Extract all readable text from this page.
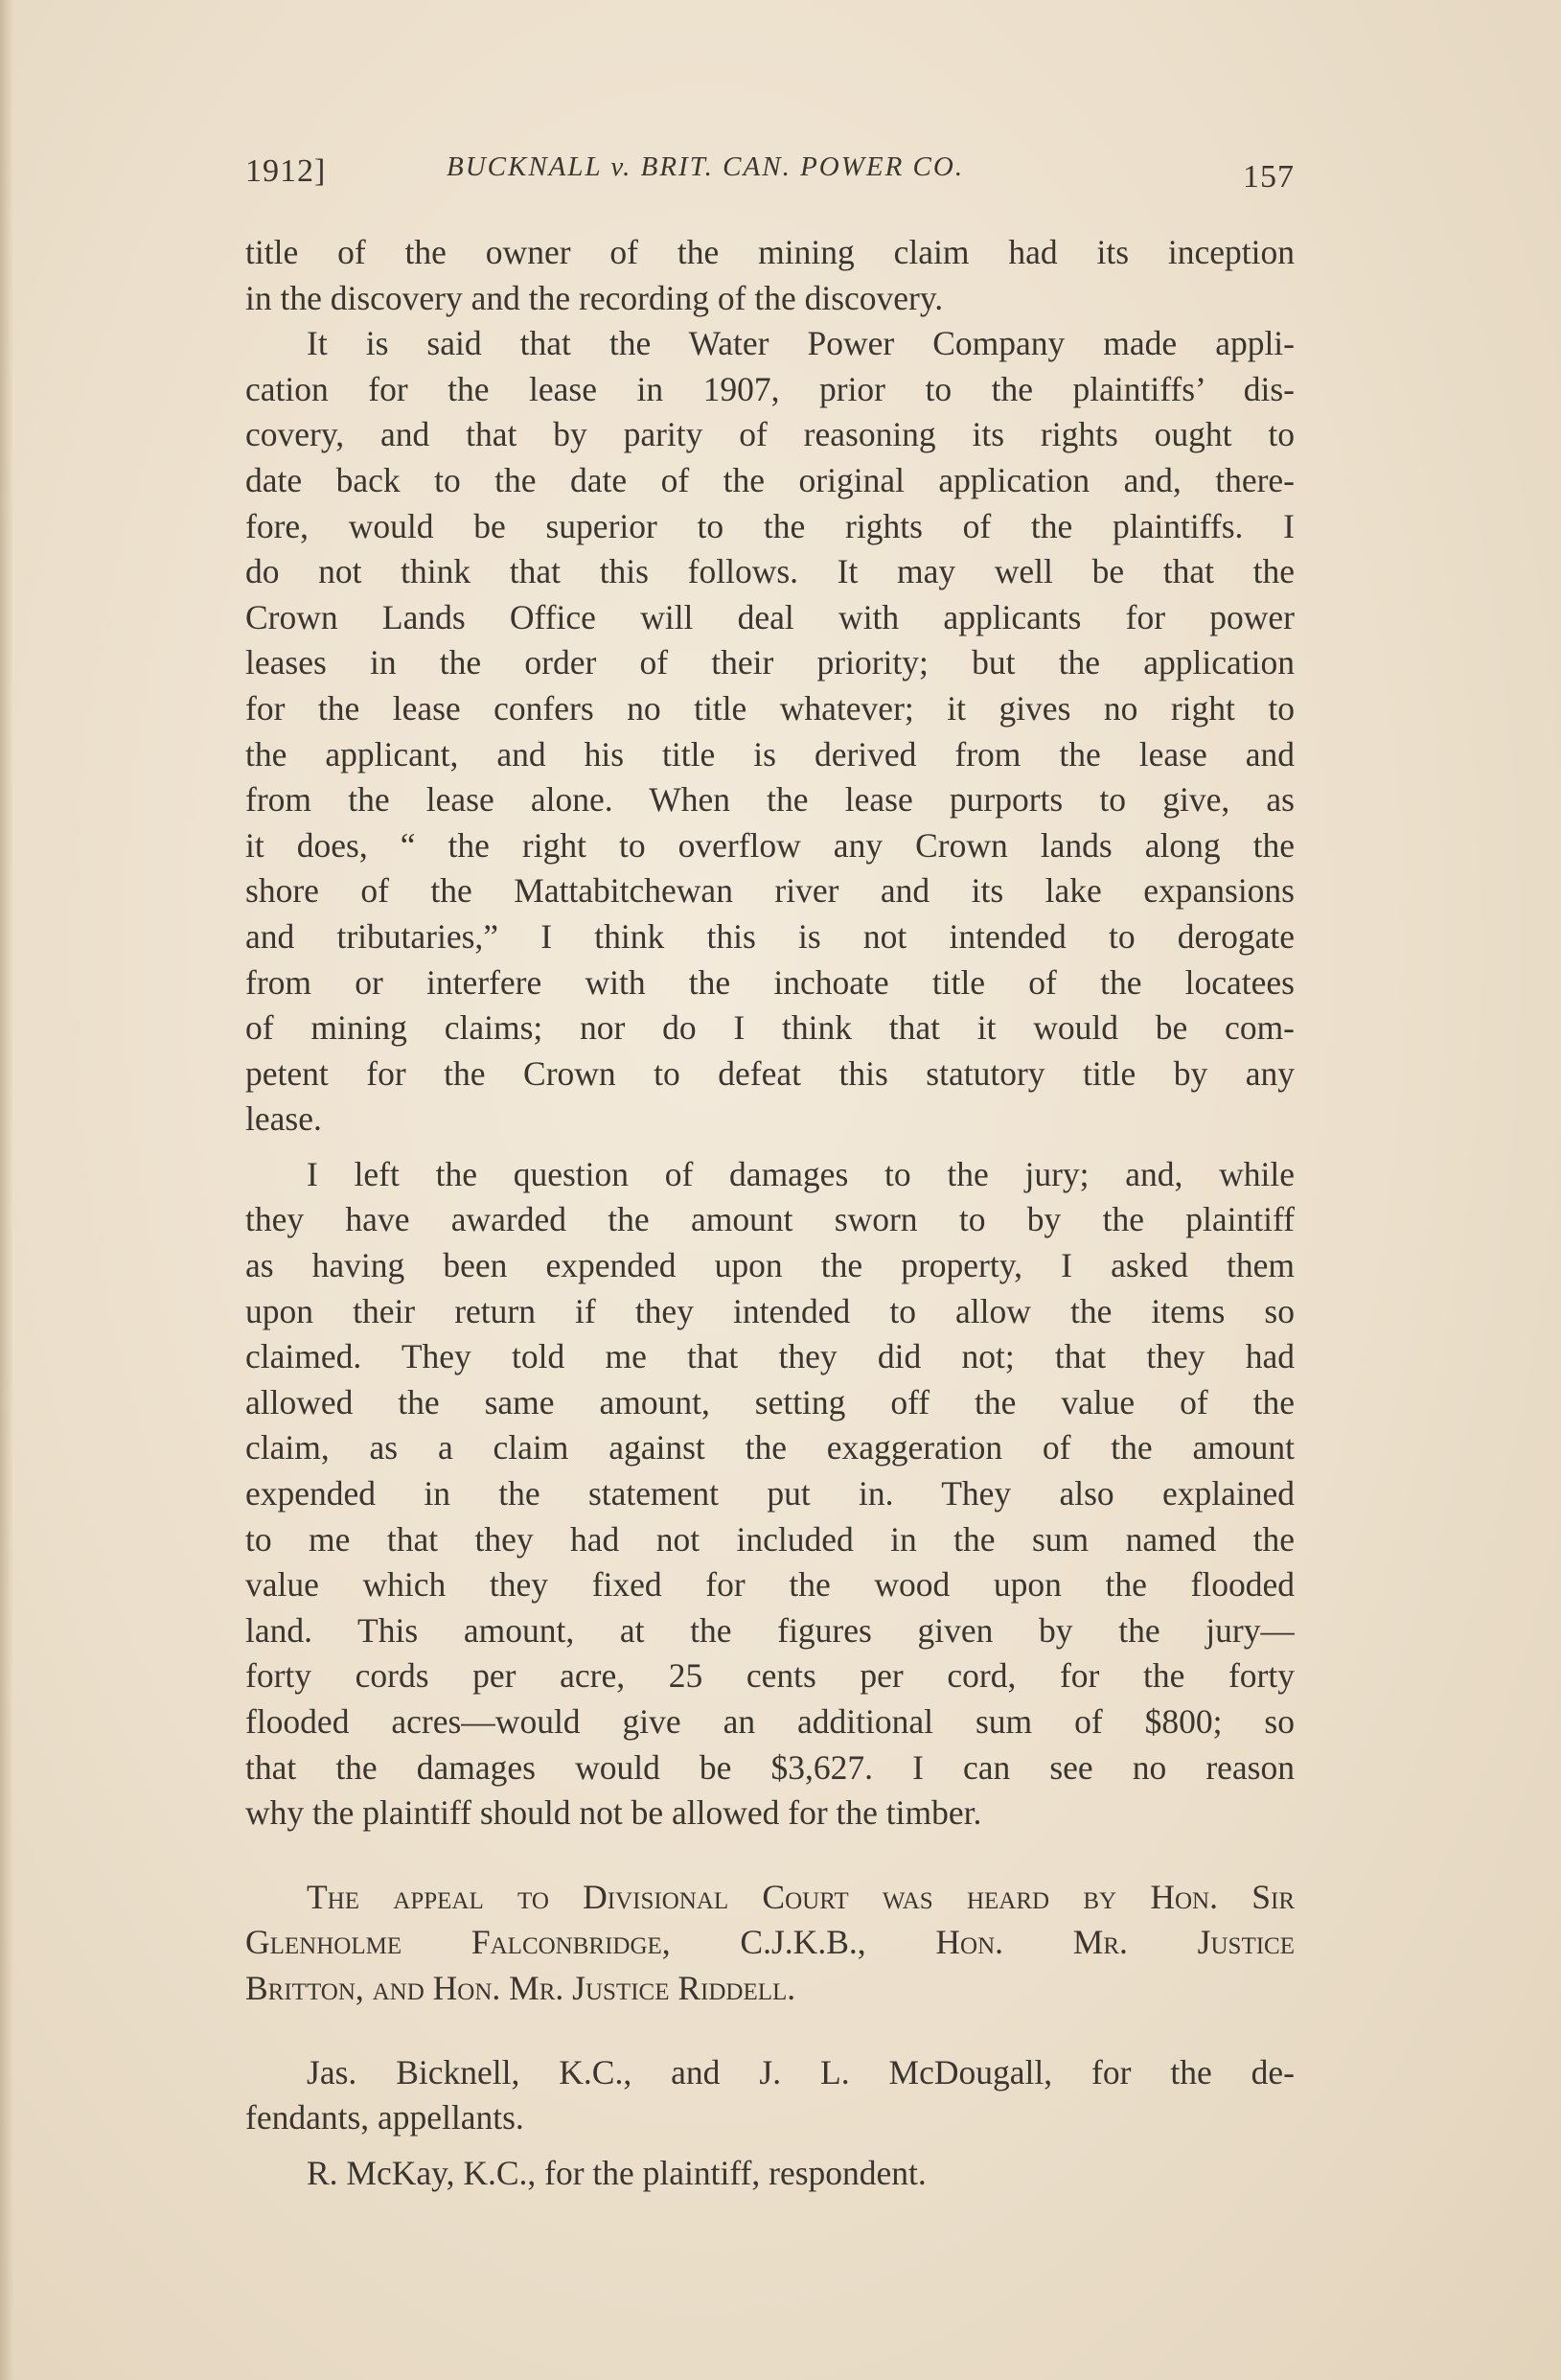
1912]	BUCKNALL v. BRIT. CAN. POWER CO.	157
title of the owner of the mining claim had its inception
in the discovery and the recording of the discovery.
It is said that the Water Power Company made appli-
cation for the lease in 1907, prior to the plaintiffs’ dis-
covery, and that by parity of reasoning its rights ought to
date back to the date of the original application and, there-
fore, would be superior to the rights of the plaintiffs. I
do not think that this follows. It may well be that the
Crown Lands Office will deal with applicants for power
leases in the order of their priority; but the application
for the lease confers no title whatever; it gives no right to
the applicant, and his title is derived from the lease and
from the lease alone. When the lease purports to give, as
it does, “ the right to overflow any Crown lands along the
shore of the Mattabitchewan river and its lake expansions
and tributaries,” I think this is not intended to derogate
from or interfere with the inchoate title of the locatees
of mining claims; nor do I think that it would be com-
petent for the Crown to defeat this statutory title by any
lease.
I left the question of damages to the jury; and, while
they have awarded the amount sworn to by the plaintiff
as having been expended upon the property, I asked them
upon their return if they intended to allow the items so
claimed. They told me that they did not; that they had
allowed the same amount, setting off the value of the
claim, as a claim against the exaggeration of the amount
expended in the statement put in. They also explained
to me that they had not included in the sum named the
value which they fixed for the wood upon the flooded
land. This amount, at the figures given by the jury—
forty cords per acre, 25 cents per cord, for the forty
flooded acres—would give an additional sum of $800; so
that the damages would be $3,627. I can see no reason
why the plaintiff should not be allowed for the timber.
The appeal to Divisional Court was heard by Hon. Sir
Glenholme Falconbridge, C.J.K.B., Hon. Mr. Justice
Britton, and Hon. Mr. Justice Riddell.
Jas. Bicknell, K.C., and J. L. McDougall, for the de-
fendants, appellants.
R. McKay, K.C., for the plaintiff, respondent.
